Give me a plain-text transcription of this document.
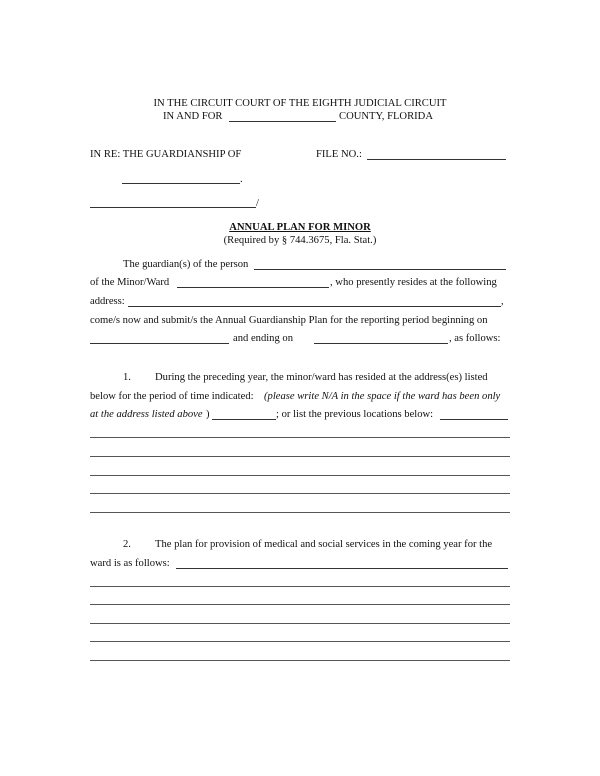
IN THE CIRCUIT COURT OF THE EIGHTH JUDICIAL CIRCUIT
IN AND FOR	COUNTY, FLORIDA
IN RE: THE GUARDIANSHIP OF	FILE NO.:
.
/
ANNUAL PLAN FOR MINOR
(Required by § 744.3675, Fla. Stat.)
The guardian(s) of the person
of the Minor/Ward	, who presently resides at the following
address:	,
come/s now and submit/s the Annual Guardianship Plan for the reporting period beginning on
and ending on	, as follows:
1. During the preceding year, the minor/ward has resided at the address(es) listed
below for the period of time indicated: (please write N/A in the space if the ward has been only
at the address listed above )	; or list the previous locations below:
2. The plan for provision of medical and social services in the coming year for the
ward is as follows:
